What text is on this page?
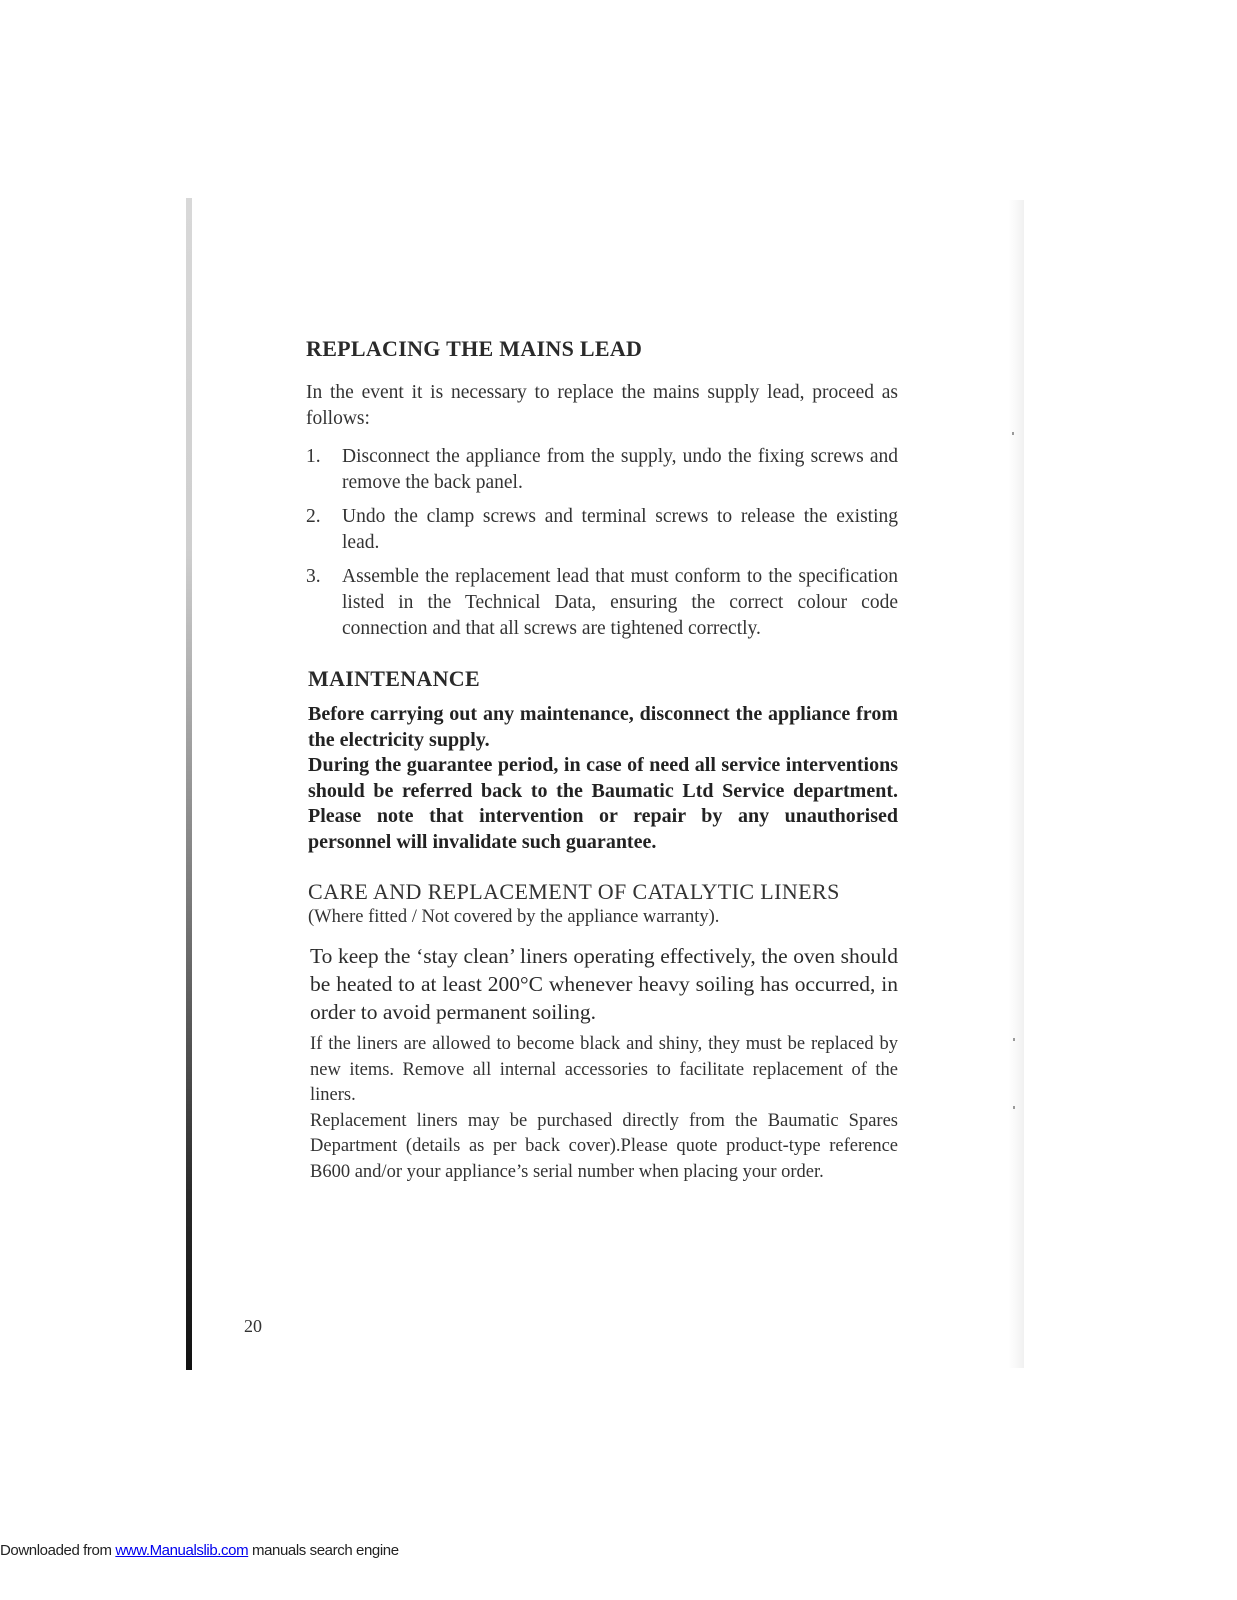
REPLACING THE MAINS LEAD

In the event it is necessary to replace the mains supply lead, proceed as follows:

1. Disconnect the appliance from the supply, undo the fixing screws and remove the back panel.
2. Undo the clamp screws and terminal screws to release the existing lead.
3. Assemble the replacement lead that must conform to the specification listed in the Technical Data, ensuring the correct colour code connection and that all screws are tightened correctly.
MAINTENANCE

Before carrying out any maintenance, disconnect the appliance from the electricity supply.

During the guarantee period, in case of need all service interventions should be referred back to the Baumatic Ltd Service department. Please note that intervention or repair by any unauthorised personnel will invalidate such guarantee.

CARE AND REPLACEMENT OF CATALYTIC LINERS

(Where fitted / Not covered by the appliance warranty).

To keep the ‘stay clean’ liners operating effectively, the oven should be heated to at least 200°C whenever heavy soiling has occurred, in order to avoid permanent soiling.

If the liners are allowed to become black and shiny, they must be replaced by new items. Remove all internal accessories to facilitate replacement of the liners.

Replacement liners may be purchased directly from the Baumatic Spares Department (details as per back cover).Please quote product-type reference B600 and/or your appliance’s serial number when placing your order.

20
Downloaded from www.Manualslib.com manuals search engine
